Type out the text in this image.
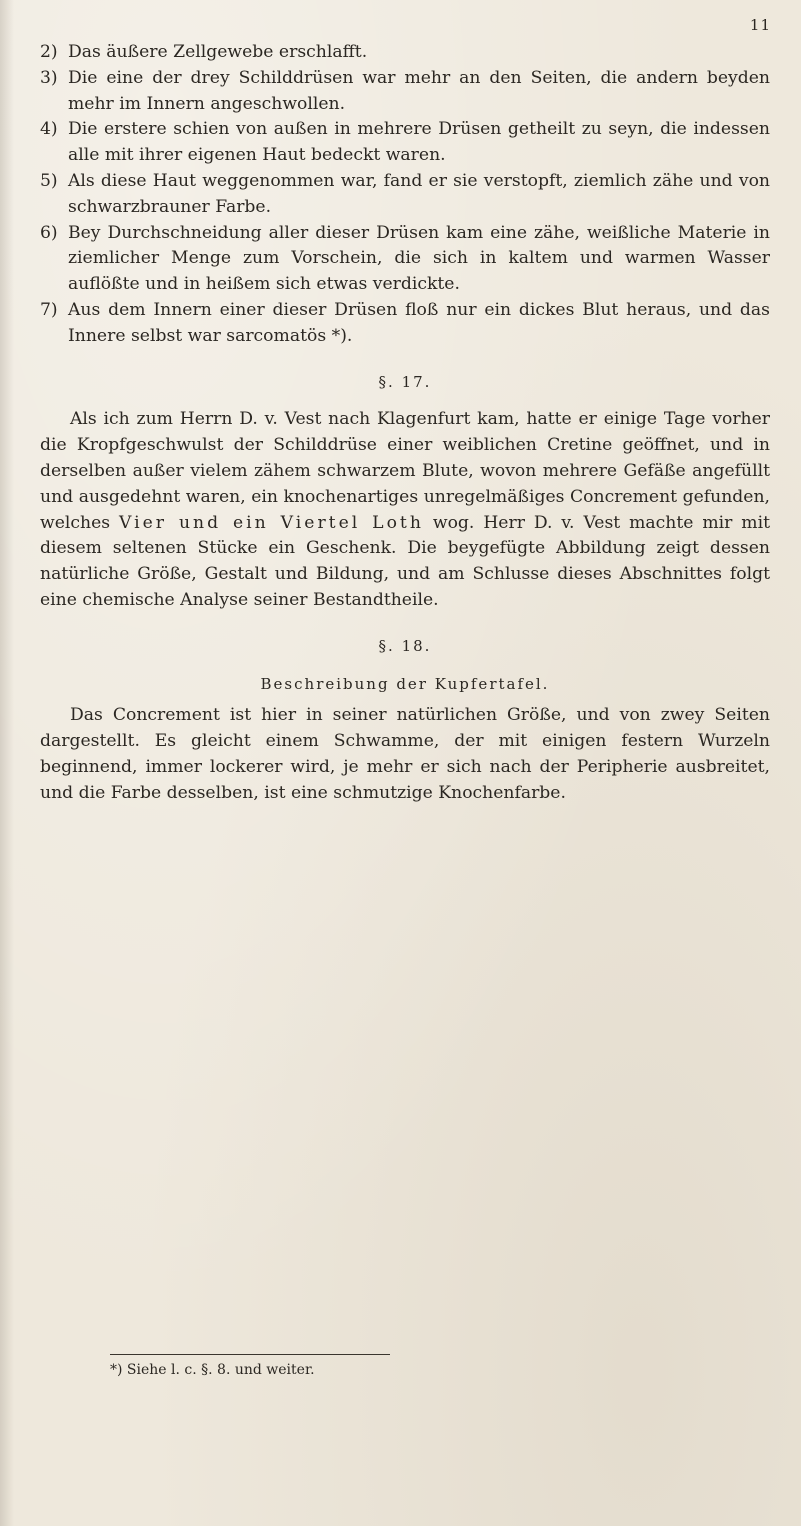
11
2) Das äußere Zellgewebe erschlafft.
3) Die eine der drey Schilddrüsen war mehr an den Seiten, die andern beyden mehr im Innern angeschwollen.
4) Die erstere schien von außen in mehrere Drüsen getheilt zu seyn, die indessen alle mit ihrer eigenen Haut bedeckt waren.
5) Als diese Haut weggenommen war, fand er sie verstopft, ziemlich zähe und von schwarzbrauner Farbe.
6) Bey Durchschneidung aller dieser Drüsen kam eine zähe, weißliche Materie in ziemlicher Menge zum Vorschein, die sich in kaltem und warmen Wasser auflößte und in heißem sich etwas verdickte.
7) Aus dem Innern einer dieser Drüsen floß nur ein dickes Blut heraus, und das Innere selbst war sarcomatös *).
§. 17.

Als ich zum Herrn D. v. Vest nach Klagenfurt kam, hatte er einige Tage vorher die Kropfgeschwulst der Schilddrüse einer weiblichen Cretine geöffnet, und in derselben außer vielem zähem schwarzem Blute, wovon mehrere Gefäße angefüllt und ausgedehnt waren, ein knochenartiges unregelmäßiges Concrement gefunden, welches Vier und ein Viertel Loth wog. Herr D. v. Vest machte mir mit diesem seltenen Stücke ein Geschenk. Die beygefügte Abbildung zeigt dessen natürliche Größe, Gestalt und Bildung, und am Schlusse dieses Abschnittes folgt eine chemische Analyse seiner Bestandtheile.

§. 18.
Beschreibung der Kupfertafel.

Das Concrement ist hier in seiner natürlichen Größe, und von zwey Seiten dargestellt. Es gleicht einem Schwamme, der mit einigen festern Wurzeln beginnend, immer lockerer wird, je mehr er sich nach der Peripherie ausbreitet, und die Farbe desselben, ist eine schmutzige Knochenfarbe.

*) Siehe l. c. §. 8. und weiter.
